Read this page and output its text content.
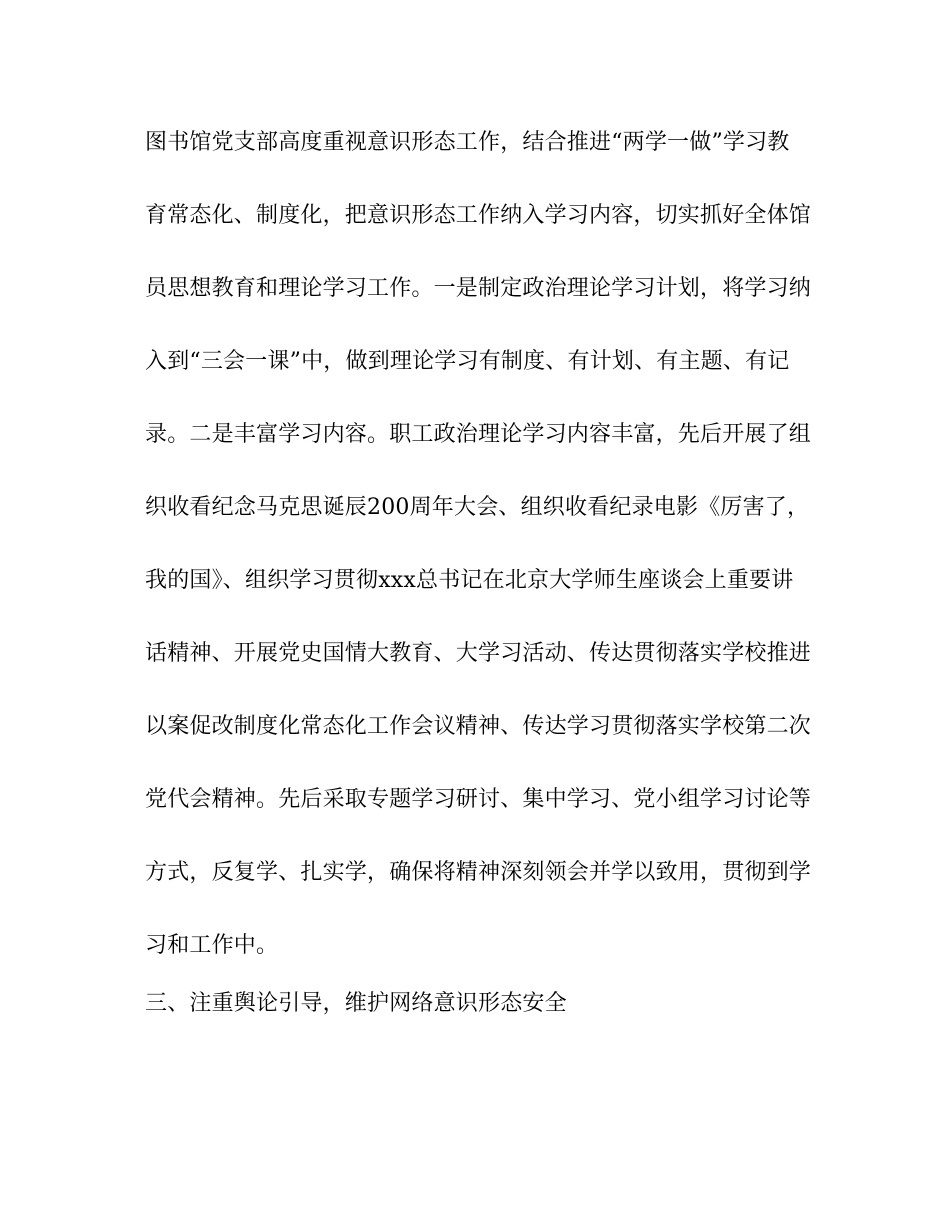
图书馆党支部高度重视意识形态工作，结合推进“两学一做”学习教
育常态化、制度化，把意识形态工作纳入学习内容，切实抓好全体馆
员思想教育和理论学习工作。一是制定政治理论学习计划，将学习纳
入到“三会一课”中，做到理论学习有制度、有计划、有主题、有记
录。二是丰富学习内容。职工政治理论学习内容丰富，先后开展了组
织收看纪念马克思诞辰200周年大会、组织收看纪录电影《厉害了，
我的国》、组织学习贯彻xxx总书记在北京大学师生座谈会上重要讲
话精神、开展党史国情大教育、大学习活动、传达贯彻落实学校推进
以案促改制度化常态化工作会议精神、传达学习贯彻落实学校第二次
党代会精神。先后采取专题学习研讨、集中学习、党小组学习讨论等
方式，反复学、扎实学，确保将精神深刻领会并学以致用，贯彻到学
习和工作中。
三、注重舆论引导，维护网络意识形态安全
